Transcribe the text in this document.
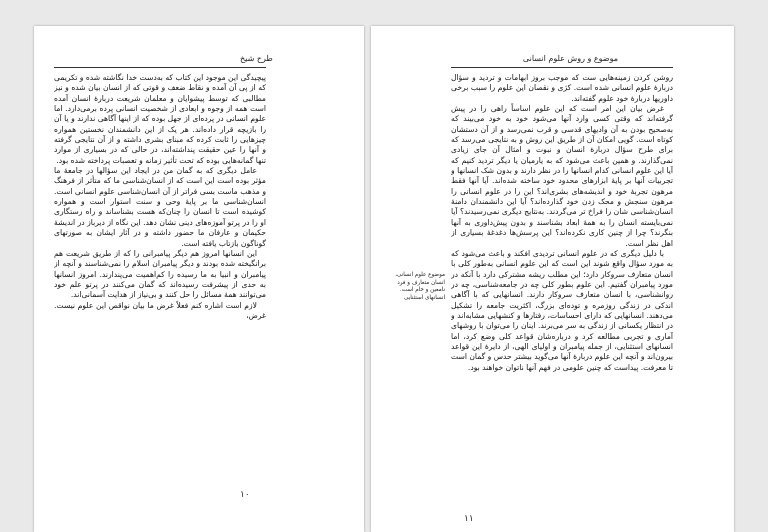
طرح شیخ

پیچیدگی این موجود این کتاب که به‌دست خدا نگاشته شده و تکریمی که از پی آن آمده و نقاط ضعف و قوتی که از انسان بیان شده و نیز مطالبی که توسط پیشوایان و معلمان شریعت دربارهٔ انسان آمده است همه از وجوه و ابعادی از شخصیت انسانی پرده برمی‌دارد. اما علوم انسانی در پرده‌ای از جهل بوده که از اینها آگاهی ندارند و یا آن را بازیچه قرار داده‌اند. هر یک از این دانشمندان نخستین همواره چیزهایی را ثابت کرده که مبنای بشری داشته و از آن نتایجی گرفته و آنها را عین حقیقت پنداشته‌اند، در حالی که در بسیاری از موارد تنها گمانه‌هایی بوده که تحت تأثیر زمانه و تعصبات پرداخته شده بود.

عامل دیگری که به گمان من در ایجاد این سؤالها در جامعهٔ ما مؤثر بوده است این است که از انسان‌شناسی ما که متأثر از فرهنگ و مذهب ماست بسی فراتر از آن انسان‌شناسی علوم انسانی است. انسان‌شناسی ما بر پایهٔ وحی و سنت استوار است و همواره کوشیده است تا انسان را چنان‌که هست بشناساند و راه رستگاری او را در پرتو آموزه‌های دینی نشان دهد. این نگاه از دیرباز در اندیشهٔ حکیمان و عارفان ما حضور داشته و در آثار ایشان به صورتهای گوناگون بازتاب یافته است.

این انسانها امروز هم دیگر پیامبرانی را که از طریق شریعت هم برانگیخته شده بودند و دیگر پیامبران اسلام را نمی‌شناسند و آنچه از پیامبران و انبیا به ما رسیده را کم‌اهمیت می‌پندارند. امروز انسانها به حدی از پیشرفت رسیده‌اند که گمان می‌کنند در پرتو علم خود می‌توانند همهٔ مسائل را حل کنند و بی‌نیاز از هدایت آسمانی‌اند.

لازم است اشاره کنم فعلاً غرض ما بیان نواقص این علوم نیست. غرض،

۱۰
موضوع و روش علوم انسانی

روشن کردن زمینه‌هایی ست که موجب بروز ابهامات و تردید و سؤال دربارهٔ علوم انسانی شده است. کژی و نقصان این علوم را سبب برخی داوریها دربارهٔ خود علوم گفته‌اند.

غرض بیان این امر است که این علوم اساساً راهی را در پیش گرفته‌اند که وقتی کسی وارد آنها می‌شود خود به خود می‌بیند که به‌صحیح بودن به آن وادیهای قدسی و قرب نمی‌رسد و از آن دستشان کوتاه است. گویی امکان آن از طریق این روش و به نتایجی می‌رسد که برای طرح سؤال دربارهٔ انسان و نبوت و امثال آن جای زیادی نمی‌گذارند. و همین باعث می‌شود که به یارمیان یا دیگر تردید کنیم که آیا این علوم انسانی کدام انسانها را در نظر دارند و بدون شک انسانها و تجربیات آنها بر پایهٔ ابزارهای محدود خود ساخته شده‌اند. آیا آنها فقط مرهون تجربهٔ خود و اندیشه‌های بشری‌اند؟ این را در علوم انسانی را مرهون سنجش و محک زدن خود گذارده‌اند؟ آیا این دانشمندان دامنهٔ انسان‌شناسی شان را فراخ تر می‌گردند. به‌نتایج دیگری نمی‌رسیدند؟ آیا نمی‌بایسته انسان را به همهٔ ابعاد بشناسند و بدون پیش‌داوری به آنها بنگرند؟ چرا از چنین کاری نکرده‌اند؟ این پرسش‌ها دغدغهٔ بسیاری از اهل نظر است.

با دلیل دیگری که در علوم انسانی تردیدی افکند و باعث می‌شود که به مورد سؤال واقع شوند این است که این علوم انسانی به‌طور کلی با انسان متعارف سروکار دارد؛ این مطلب ریشه مشترکی دارد با آنکه در مورد پیامبران گفتیم. این علوم بطور کلی چه در جامعه‌شناسی، چه در روانشناسی، با انسان متعارف سروکار دارند. انسانهایی که با آگاهی اندکی در زندگی روزمره و توده‌ای بزرگ، اکثریت جامعه را تشکیل می‌دهند. انسانهایی که دارای احساسات، رفتارها و کنشهایی مشابه‌اند و در انتظار یکسانی از زندگی به سر می‌برند. اینان را می‌توان با روشهای آماری و تجربی مطالعه کرد و درباره‌شان قواعد کلی وضع کرد، اما انسانهای استثنایی، از جمله پیامبران و اولیای الهی، از دایرهٔ این قواعد بیرون‌اند و آنچه این علوم دربارهٔ آنها می‌گوید بیشتر حدس و گمان است تا معرفت. پیداست که چنین علومی در فهم آنها ناتوان خواهند بود.

موضوع علوم انسانی، انسان متعارف و فرد نامعین و خام است. انسانهای استثنایی
۱۱
